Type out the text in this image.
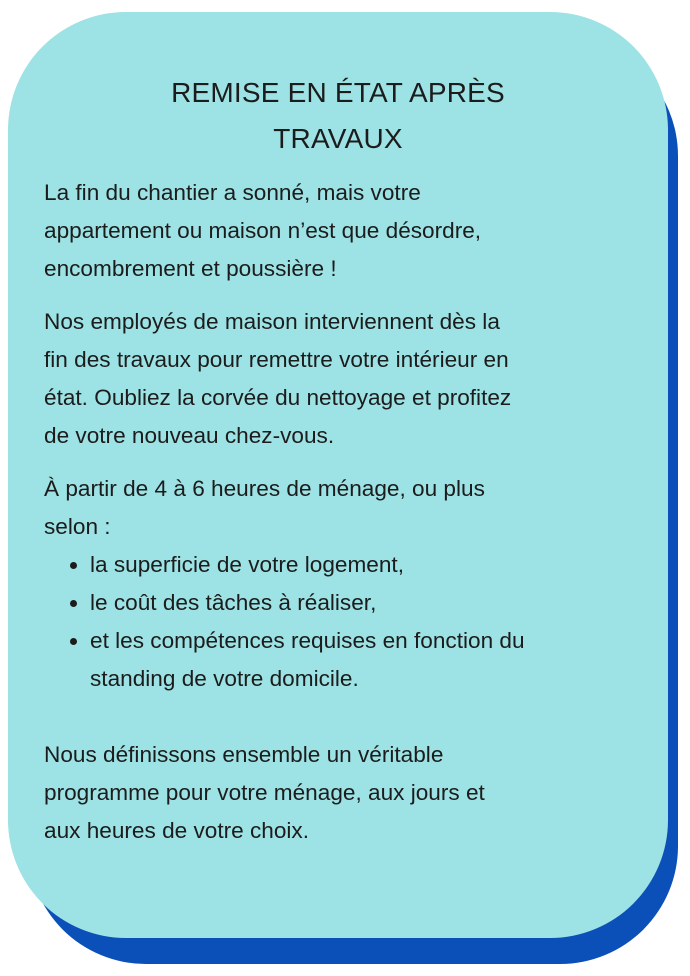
REMISE EN ÉTAT APRÈS
TRAVAUX

La fin du chantier a sonné, mais votre
appartement ou maison n’est que désordre,
encombrement et poussière !

Nos employés de maison interviennent dès la
fin des travaux pour remettre votre intérieur en
état. Oubliez la corvée du nettoyage et profitez
de votre nouveau chez-vous.

À partir de 4 à 6 heures de ménage, ou plus
selon :

la superficie de votre logement,
le coût des tâches à réaliser,
et les compétences requises en fonction du
standing de votre domicile.

Nous définissons ensemble un véritable
programme pour votre ménage, aux jours et
aux heures de votre choix.
